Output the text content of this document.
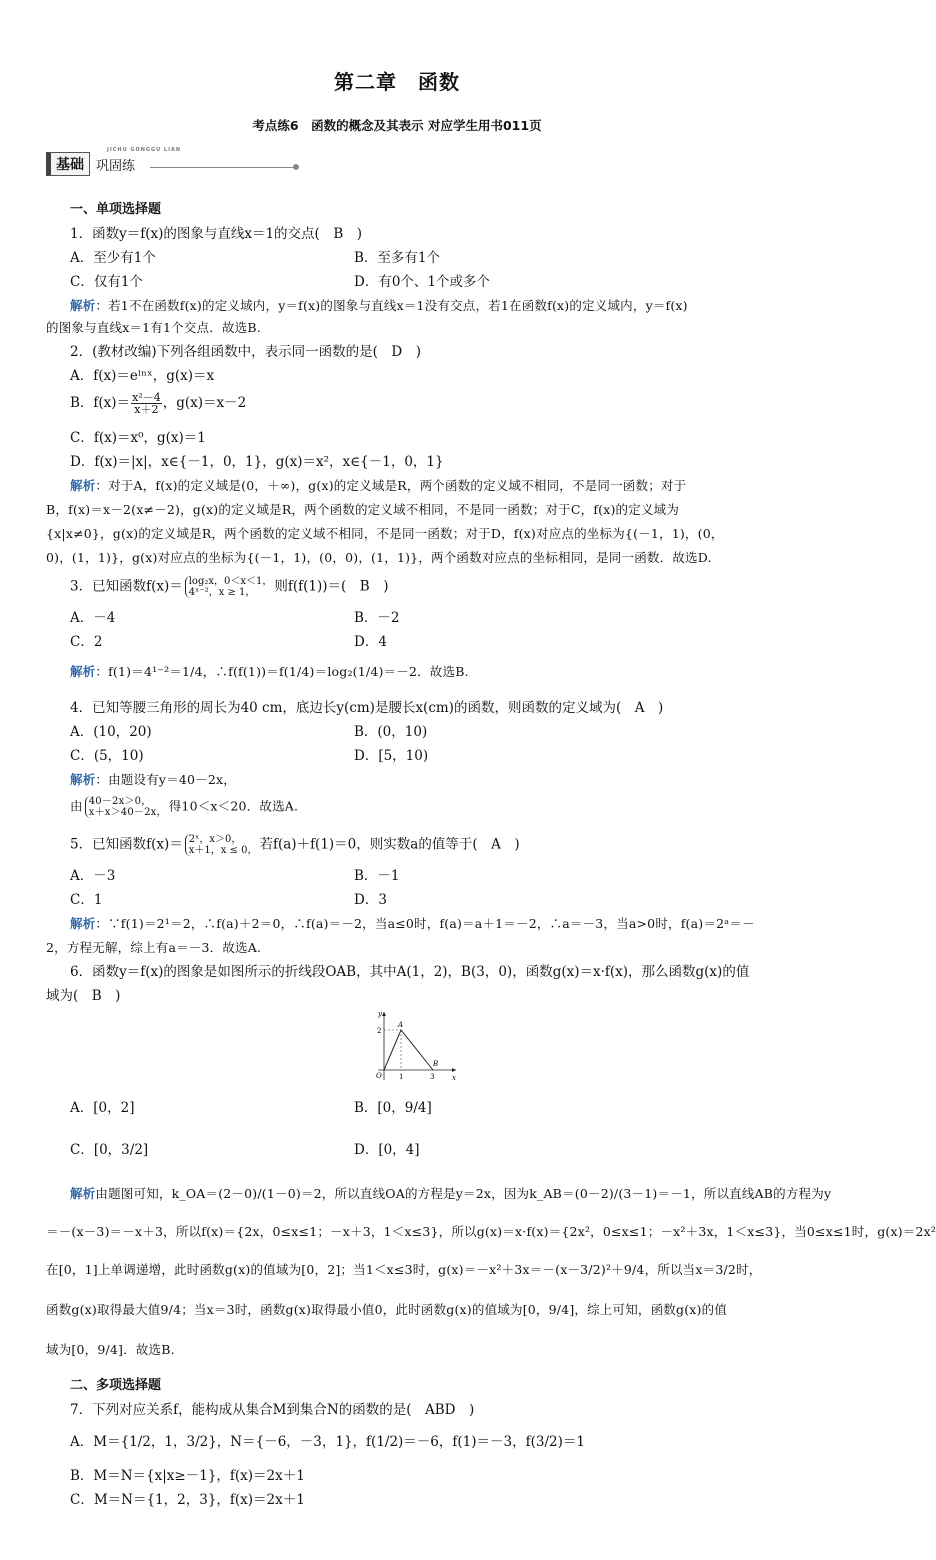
第二章　函数
考点练6　函数的概念及其表示 对应学生用书011页
基础
JICHU GONGGU LIAN
巩固练
一、单项选择题
1．函数y＝f(x)的图象与直线x＝1的交点(　B　)
A．至少有1个	B．至多有1个
C．仅有1个	D．有0个、1个或多个
解析：若1不在函数f(x)的定义域内，y＝f(x)的图象与直线x＝1没有交点，若1在函数f(x)的定义域内，y＝f(x)
的图象与直线x＝1有1个交点．故选B.
2．(教材改编)下列各组函数中，表示同一函数的是(　D　)
A．f(x)＝eˡⁿˣ，g(x)＝x
B．$f(x)= \frac{\text{x²－4}}{x+2}$ ，g(x)＝x－2
C．f(x)＝x⁰，g(x)＝1
D．f(x)＝|x|，x∈{－1，0，1}，g(x)＝x²，x∈{－1，0，1}
解析：对于A，f(x)的定义域是(0，＋∞)，g(x)的定义域是R，两个函数的定义域不相同，不是同一函数；对于
B，f(x)＝x－2(x≠－2)，g(x)的定义域是R，两个函数的定义域不相同，不是同一函数；对于C，f(x)的定义域为
{x|x≠0}，g(x)的定义域是R，两个函数的定义域不相同，不是同一函数；对于D，f(x)对应点的坐标为{(－1，1)，(0，
0)，(1，1)}，g(x)对应点的坐标为{(－1，1)，(0，0)，(1，1)}，两个函数对应点的坐标相同，是同一函数．故选D.
3．已知函数f(x)＝ log₂x，0＜x＜1，
4ˣ⁻²，x ≥ 1， 则f(f(1))＝(　B　)
A．－4	B．－2
C．2	D．4
解析：f(1)＝4¹⁻²＝1/4，∴f(f(1))＝f(1/4)＝log₂(1/4)＝－2．故选B.
4．已知等腰三角形的周长为40 cm，底边长y(cm)是腰长x(cm)的函数，则函数的定义域为(　A　)
A．(10，20)	B．(0，10)
C．(5，10)	D．[5，10)
解析：由题设有y＝40－2x，
由 40－2x＞0，
x＋x＞40－2x， 得10＜x＜20．故选A.
5．已知函数f(x)＝ 2ˣ，x＞0，
x＋1，x ≤ 0， 若f(a)＋f(1)＝0，则实数a的值等于(　A　)
A．－3	B．－1
C．1	D．3
解析：∵f(1)＝2¹＝2，∴f(a)＋2＝0，∴f(a)＝－2，当a≤0时，f(a)＝a＋1＝－2，∴a＝－3，当a>0时，f(a)＝2ᵃ＝－
2，方程无解，综上有a＝－3．故选A.
6．函数y＝f(x)的图象是如图所示的折线段OAB，其中A(1，2)，B(3，0)，函数g(x)＝x·f(x)，那么函数g(x)的值
域为(　B　)
y
x
O
A
B
2
1	3
A．[0，2]	B．[0，9/4]
C．[0，3/2]	D．[0，4]
解析由题图可知，k_OA＝(2－0)/(1－0)＝2，所以直线OA的方程是y＝2x，因为k_AB＝(0－2)/(3－1)＝－1，所以直线AB的方程为y
＝－(x－3)＝－x＋3，所以f(x)＝{2x，0≤x≤1；－x＋3，1＜x≤3}，所以g(x)＝x·f(x)＝{2x²，0≤x≤1；－x²＋3x，1＜x≤3}，当0≤x≤1时，g(x)＝2x²
在[0，1]上单调递增，此时函数g(x)的值域为[0，2]；当1＜x≤3时，g(x)＝－x²＋3x＝－(x－3/2)²＋9/4，所以当x＝3/2时，
函数g(x)取得最大值9/4；当x＝3时，函数g(x)取得最小值0，此时函数g(x)的值域为[0，9/4]，综上可知，函数g(x)的值
域为[0，9/4]．故选B.
二、多项选择题
7．下列对应关系f，能构成从集合M到集合N的函数的是(　ABD　)
A．M＝{1/2，1，3/2}，N＝{－6，－3，1}，f(1/2)＝－6，f(1)＝－3，f(3/2)＝1
B．M＝N＝{x|x≥－1}，f(x)＝2x＋1
C．M＝N＝{1，2，3}，f(x)＝2x＋1
